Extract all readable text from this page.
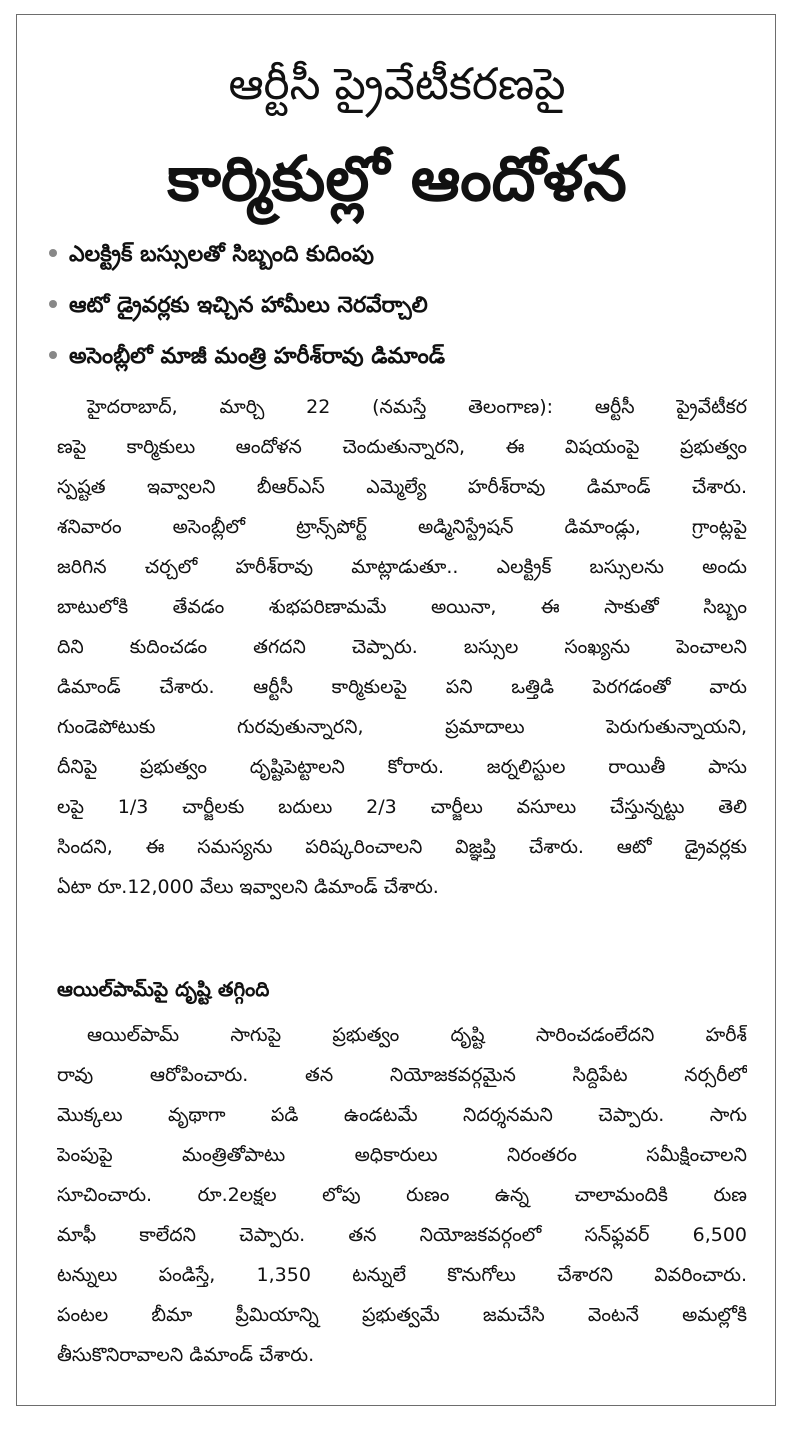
ఆర్టీసీ ప్రైవేటీకరణపై
కార్మికుల్లో ఆందోళన
ఎలక్ట్రిక్ బస్సులతో సిబ్బంది కుదింపు
ఆటో డ్రైవర్లకు ఇచ్చిన హామీలు నెరవేర్చాలి
అసెంబ్లీలో మాజీ మంత్రి హరీశ్‌రావు డిమాండ్
హైదరాబాద్, మార్చి 22 (నమస్తే తెలంగాణ): ఆర్టీసీ ప్రైవేటీకర
ణపై కార్మికులు ఆందోళన చెందుతున్నారని, ఈ విషయంపై ప్రభుత్వం
స్పష్టత ఇవ్వాలని బీఆర్‌ఎస్ ఎమ్మెల్యే హరీశ్‌రావు డిమాండ్ చేశారు.
శనివారం అసెంబ్లీలో ట్రాన్స్‌పోర్ట్ అడ్మినిస్ట్రేషన్ డిమాండ్లు, గ్రాంట్లపై
జరిగిన చర్చలో హరీశ్‌రావు మాట్లాడుతూ.. ఎలక్ట్రిక్ బస్సులను అందు
బాటులోకి తేవడం శుభపరిణామమే అయినా, ఈ సాకుతో సిబ్బం
దిని కుదించడం తగదని చెప్పారు. బస్సుల సంఖ్యను పెంచాలని
డిమాండ్ చేశారు. ఆర్టీసీ కార్మికులపై పని ఒత్తిడి పెరగడంతో వారు
గుండెపోటుకు గురవుతున్నారని, ప్రమాదాలు పెరుగుతున్నాయని,
దీనిపై ప్రభుత్వం దృష్టిపెట్టాలని కోరారు. జర్నలిస్టుల రాయితీ పాసు
లపై 1/3 చార్జీలకు బదులు 2/3 చార్జీలు వసూలు చేస్తున్నట్టు తెలి
సిందని, ఈ సమస్యను పరిష్కరించాలని విజ్ఞప్తి చేశారు. ఆటో డ్రైవర్లకు
ఏటా రూ.12,000 వేలు ఇవ్వాలని డిమాండ్ చేశారు.
ఆయిల్‌పామ్‌పై దృష్టి తగ్గింది
ఆయిల్‌పామ్ సాగుపై ప్రభుత్వం దృష్టి సారించడంలేదని హరీశ్
రావు ఆరోపించారు. తన నియోజకవర్గమైన సిద్దిపేట నర్సరీలో
మొక్కలు వృథాగా పడి ఉండటమే నిదర్శనమని చెప్పారు. సాగు
పెంపుపై మంత్రితోపాటు అధికారులు నిరంతరం సమీక్షించాలని
సూచించారు. రూ.2లక్షల లోపు రుణం ఉన్న చాలామందికి రుణ
మాఫీ కాలేదని చెప్పారు. తన నియోజకవర్గంలో సన్‌ఫ్లవర్ 6,500
టన్నులు పండిస్తే, 1,350 టన్నులే కొనుగోలు చేశారని వివరించారు.
పంటల బీమా ప్రీమియాన్ని ప్రభుత్వమే జమచేసి వెంటనే అమల్లోకి
తీసుకొనిరావాలని డిమాండ్ చేశారు.
